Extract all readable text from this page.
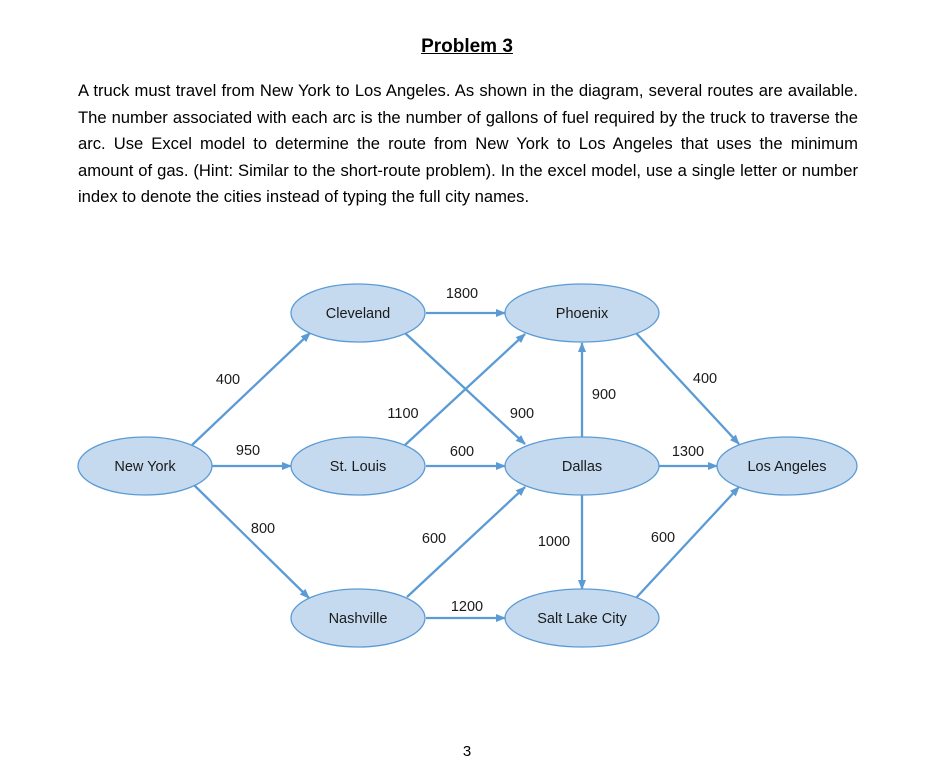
Problem 3
A truck must travel from New York to Los Angeles. As shown in the diagram, several routes are available. The number associated with each arc is the number of gallons of fuel required by the truck to traverse the arc. Use Excel model to determine the route from New York to Los Angeles that uses the minimum amount of gas. (Hint: Similar to the short-route problem). In the excel model, use a single letter or number index to denote the cities instead of typing the full city names.
New York
Cleveland
St. Louis
Nashville
Phoenix
Dallas
Salt Lake City
Los Angeles
400
950
800
1800
900
1100
600
600
1200
900
1000
1300
400
600
3
